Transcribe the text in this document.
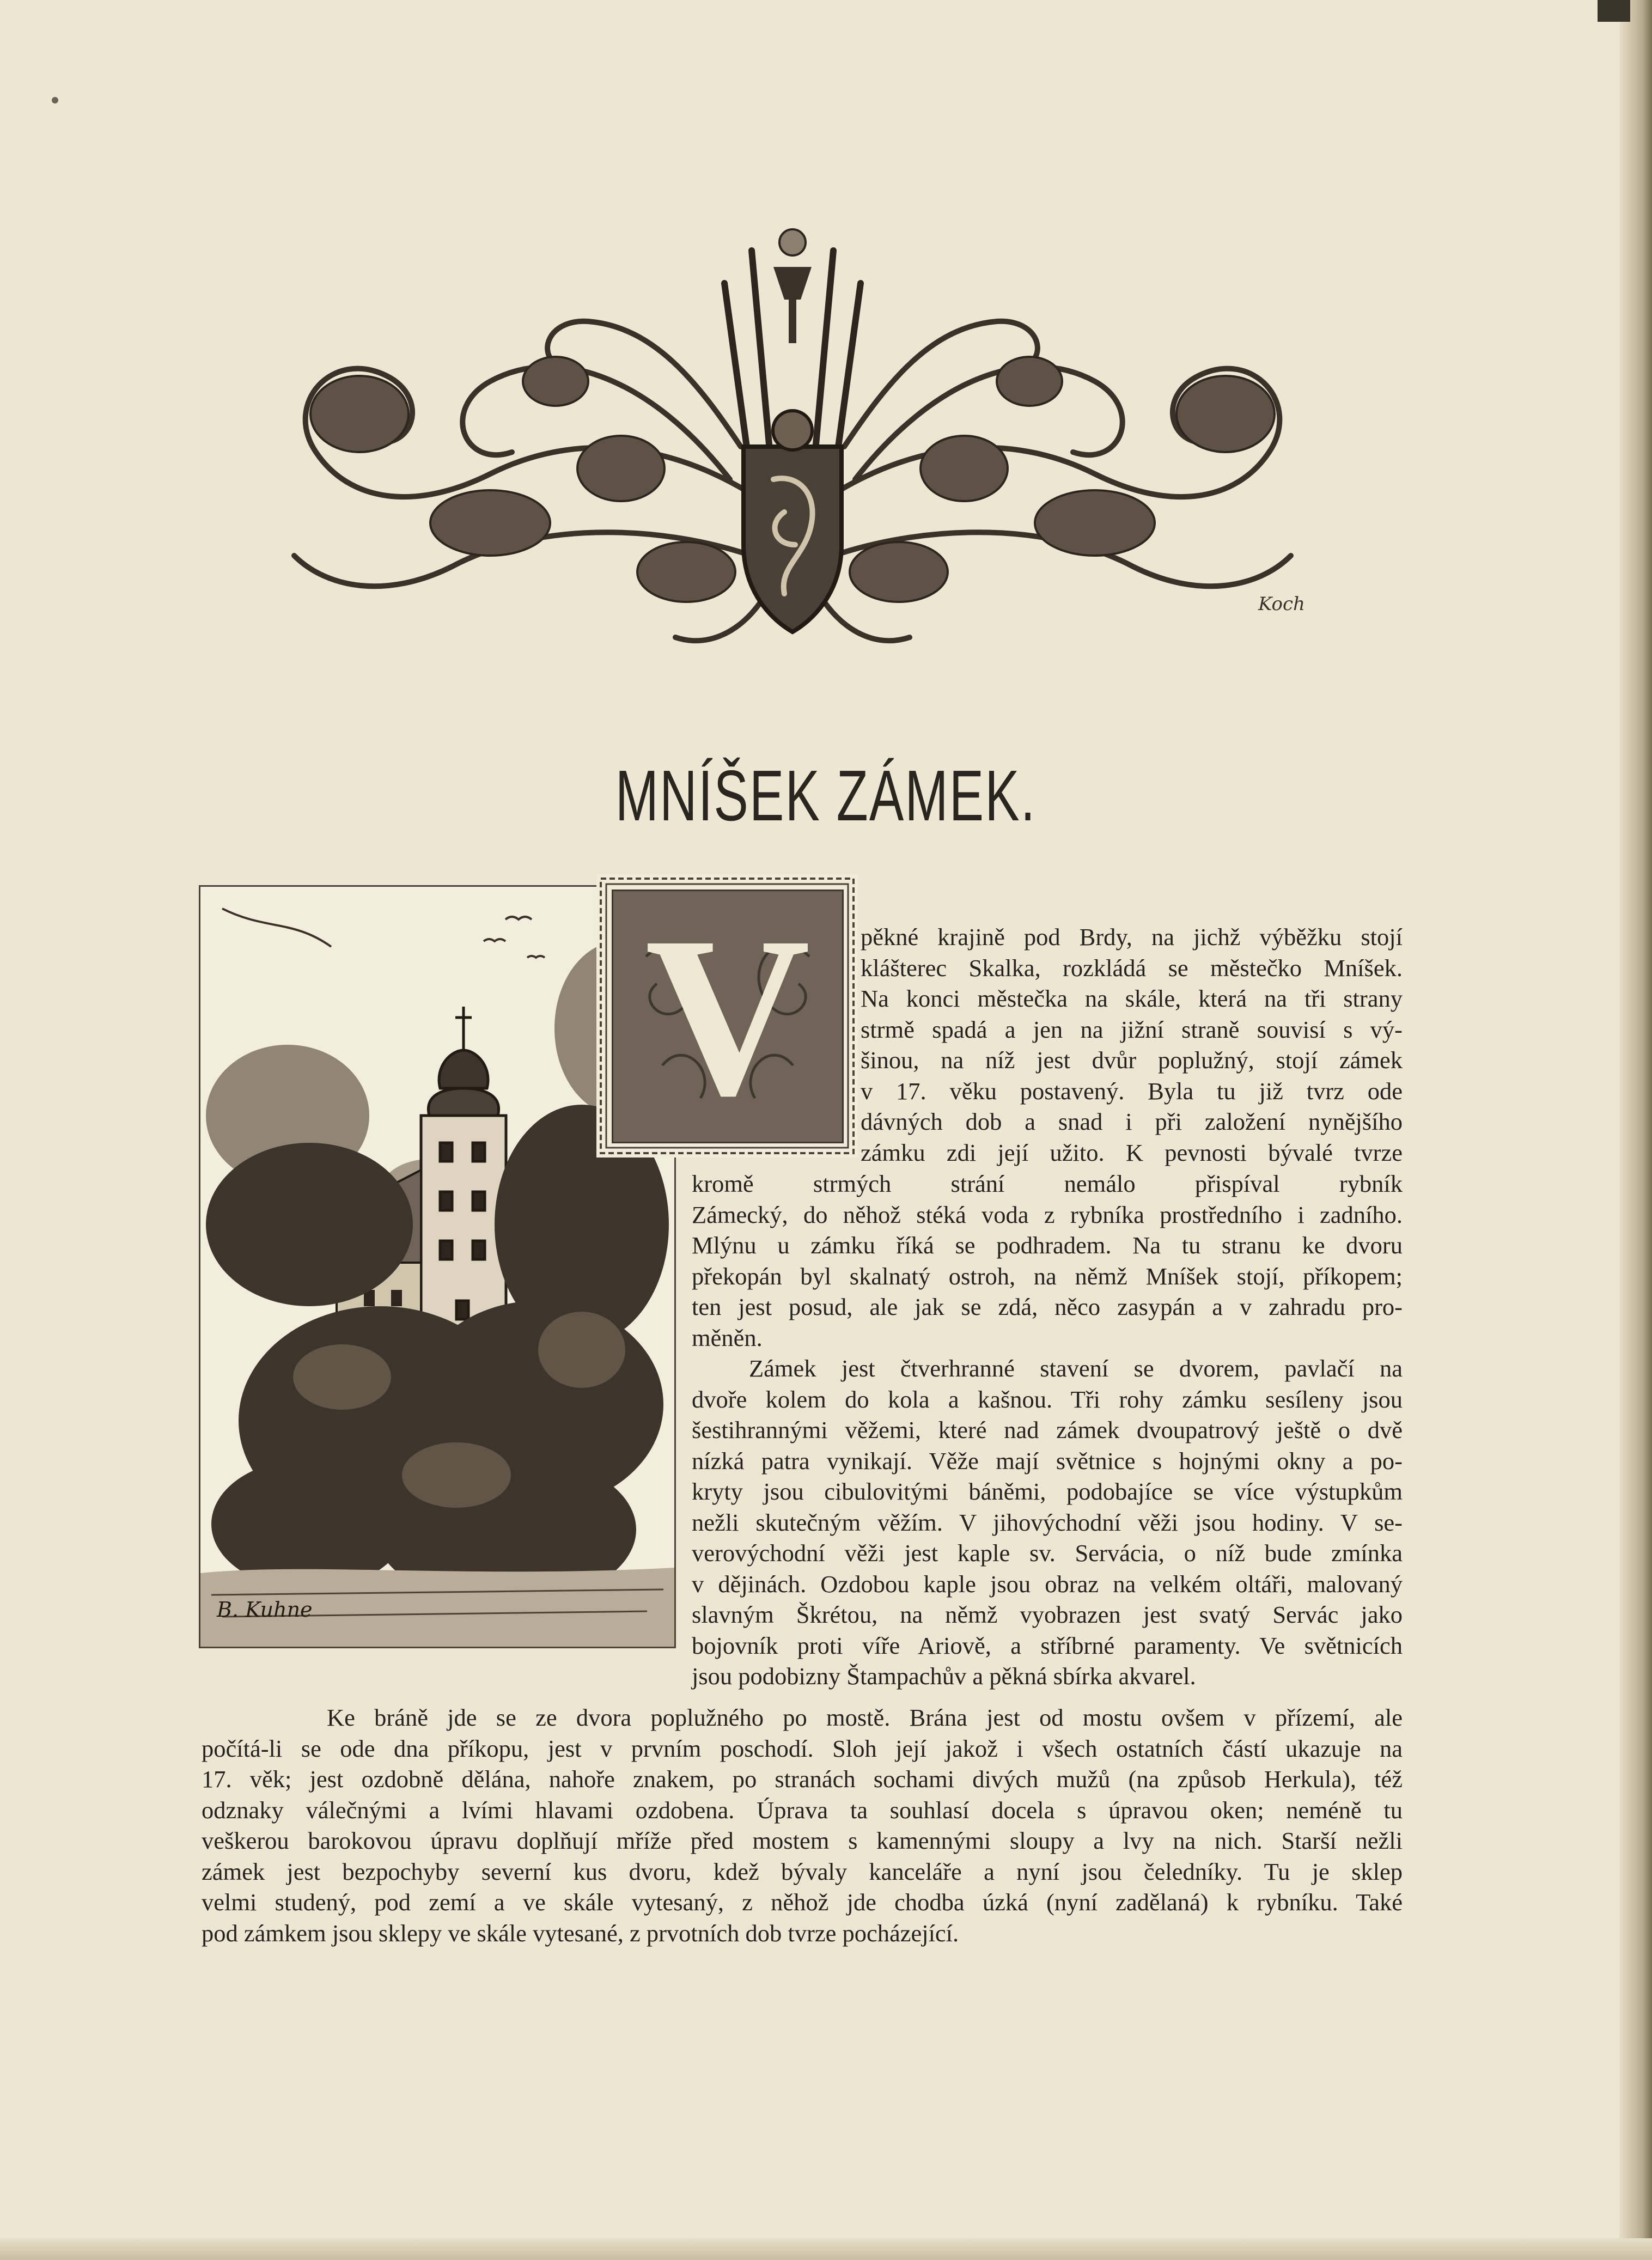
Koch
MNÍŠEK ZÁMEK.
B. Kuhne
V	pěkné krajině pod Brdy, na jichž výběžku stojí
klášterec Skalka, rozkládá se městečko Mníšek.
Na konci městečka na skále, která na tři strany
strmě spadá a jen na jižní straně souvisí s vý-
šinou, na níž jest dvůr poplužný, stojí zámek
v 17. věku postavený. Byla tu již tvrz ode
dávných dob a snad i při založení nynějšího
zámku zdi její užito. K pevnosti bývalé tvrze
kromě strmých strání nemálo přispíval rybník
Zámecký, do něhož stéká voda z rybníka prostředního i zadního.
Mlýnu u zámku říká se podhradem. Na tu stranu ke dvoru
překopán byl skalnatý ostroh, na němž Mníšek stojí, příkopem;
ten jest posud, ale jak se zdá, něco zasypán a v zahradu pro-
měněn.
Zámek jest čtverhranné stavení se dvorem, pavlačí na
dvoře kolem do kola a kašnou. Tři rohy zámku sesíleny jsou
šestihrannými věžemi, které nad zámek dvoupatrový ještě o dvě
nízká patra vynikají. Věže mají světnice s hojnými okny a po-
kryty jsou cibulovitými báněmi, podobajíce se více výstupkům
nežli skutečným věžím. V jihovýchodní věži jsou hodiny. V se-
verovýchodní věži jest kaple sv. Servácia, o níž bude zmínka
v dějinách. Ozdobou kaple jsou obraz na velkém oltáři, malovaný
slavným Škrétou, na němž vyobrazen jest svatý Servác jako
bojovník proti víře Ariově, a stříbrné paramenty. Ve světnicích
jsou podobizny Štampachův a pěkná sbírka akvarel.
Ke bráně jde se ze dvora poplužného po mostě. Brána jest od mostu ovšem v přízemí, ale
počítá-li se ode dna příkopu, jest v prvním poschodí. Sloh její jakož i všech ostatních částí ukazuje na
17. věk; jest ozdobně dělána, nahoře znakem, po stranách sochami divých mužů (na způsob Herkula), též
odznaky válečnými a lvími hlavami ozdobena. Úprava ta souhlasí docela s úpravou oken; neméně tu
veškerou barokovou úpravu doplňují mříže před mostem s kamennými sloupy a lvy na nich. Starší nežli
zámek jest bezpochyby severní kus dvoru, kdež bývaly kanceláře a nyní jsou čeledníky. Tu je sklep
velmi studený, pod zemí a ve skále vytesaný, z něhož jde chodba úzká (nyní zadělaná) k rybníku. Také
pod zámkem jsou sklepy ve skále vytesané, z prvotních dob tvrze pocházející.
